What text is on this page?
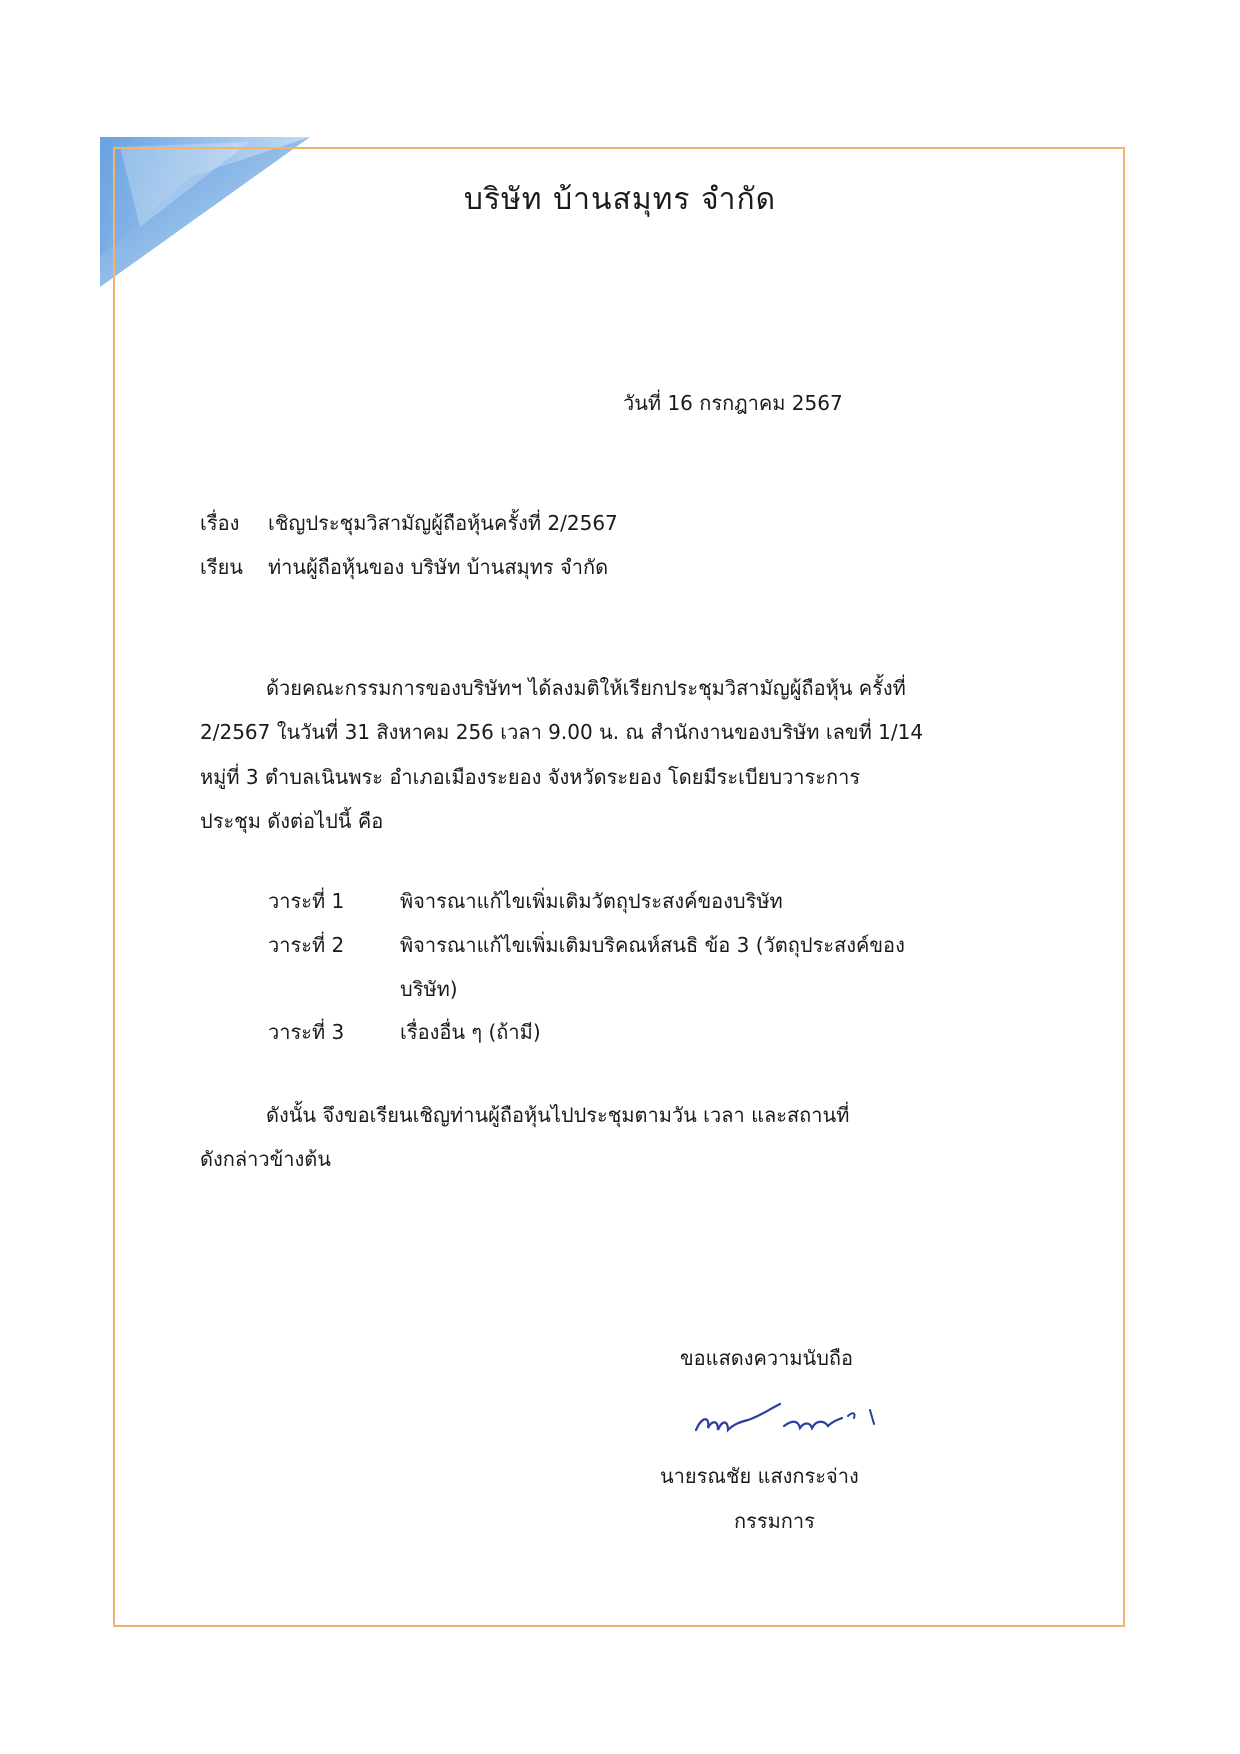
บริษัท บ้านสมุทร จำกัด
วันที่ 16 กรกฎาคม 2567
เรื่อง เชิญประชุมวิสามัญผู้ถือหุ้นครั้งที่ 2/2567
เรียน ท่านผู้ถือหุ้นของ บริษัท บ้านสมุทร จำกัด
ด้วยคณะกรรมการของบริษัทฯ ได้ลงมติให้เรียกประชุมวิสามัญผู้ถือหุ้น ครั้งที่
2/2567 ในวันที่ 31 สิงหาคม 256 เวลา 9.00 น. ณ สำนักงานของบริษัท เลขที่ 1/14
หมู่ที่ 3 ตำบลเนินพระ อำเภอเมืองระยอง จังหวัดระยอง โดยมีระเบียบวาระการ
ประชุม ดังต่อไปนี้ คือ
วาระที่ 1	พิจารณาแก้ไขเพิ่มเติมวัตถุประสงค์ของบริษัท
วาระที่ 2	พิจารณาแก้ไขเพิ่มเติมบริคณห์สนธิ ข้อ 3 (วัตถุประสงค์ของ
บริษัท)
วาระที่ 3	เรื่องอื่น ๆ (ถ้ามี)
ดังนั้น จึงขอเรียนเชิญท่านผู้ถือหุ้นไปประชุมตามวัน เวลา และสถานที่
ดังกล่าวข้างต้น
ขอแสดงความนับถือ
นายรณชัย แสงกระจ่าง
กรรมการ
